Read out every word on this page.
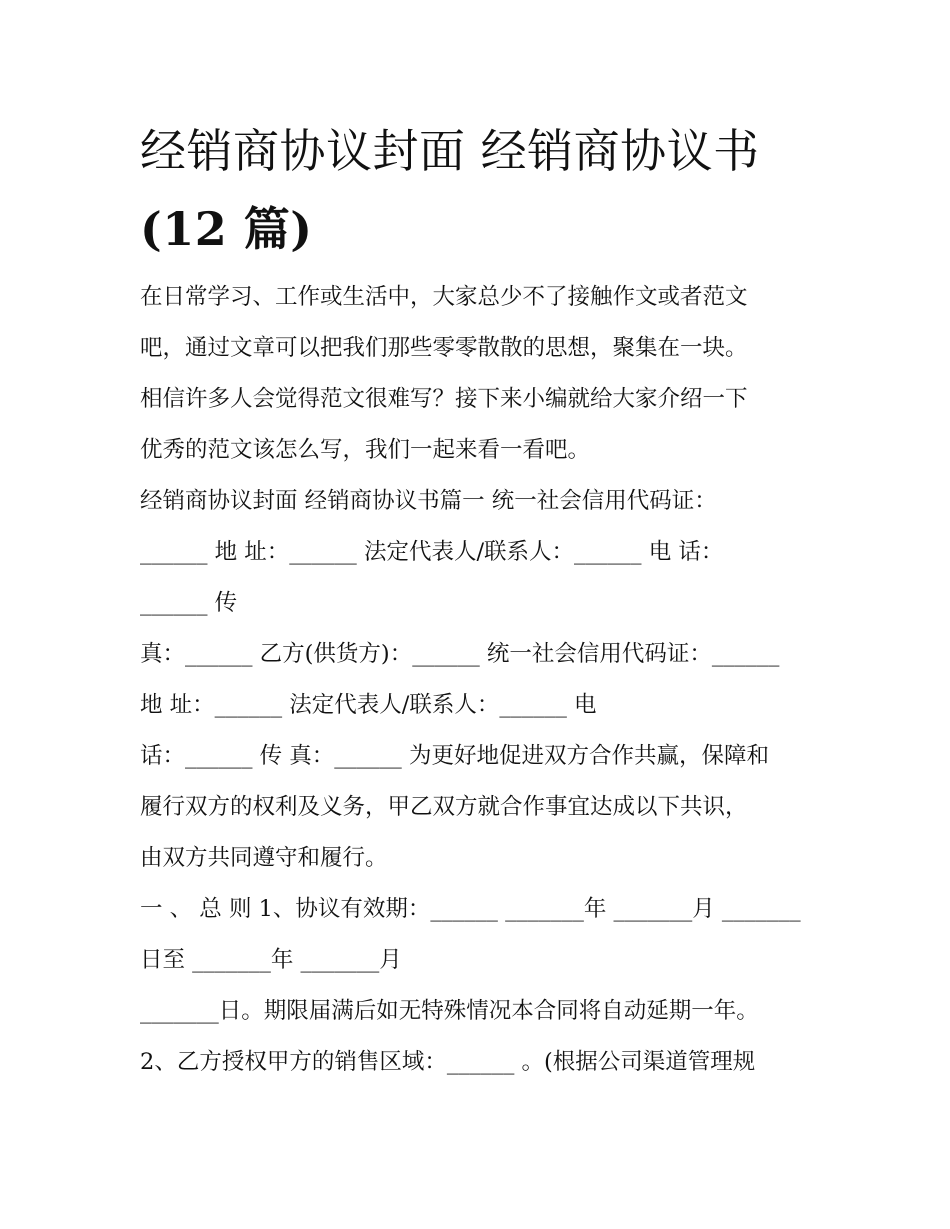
经销商协议封面 经销商协议书
(12 篇)
在日常学习、工作或生活中，大家总少不了接触作文或者范文
吧，通过文章可以把我们那些零零散散的思想，聚集在一块。
相信许多人会觉得范文很难写？接下来小编就给大家介绍一下
优秀的范文该怎么写，我们一起来看一看吧。
经销商协议封面 经销商协议书篇一 统一社会信用代码证：
______ 地 址：______ 法定代表人/联系人：______ 电 话：
______ 传
真：______ 乙方(供货方)：______ 统一社会信用代码证：______
地 址：______ 法定代表人/联系人：______ 电
话：______ 传 真：______ 为更好地促进双方合作共赢，保障和
履行双方的权利及义务，甲乙双方就合作事宜达成以下共识，
由双方共同遵守和履行。
一 、 总 则 1、协议有效期：______ _______年 _______月 _______
日至 _______年 _______月
_______日。期限届满后如无特殊情况本合同将自动延期一年。
2、乙方授权甲方的销售区域：______ 。(根据公司渠道管理规
